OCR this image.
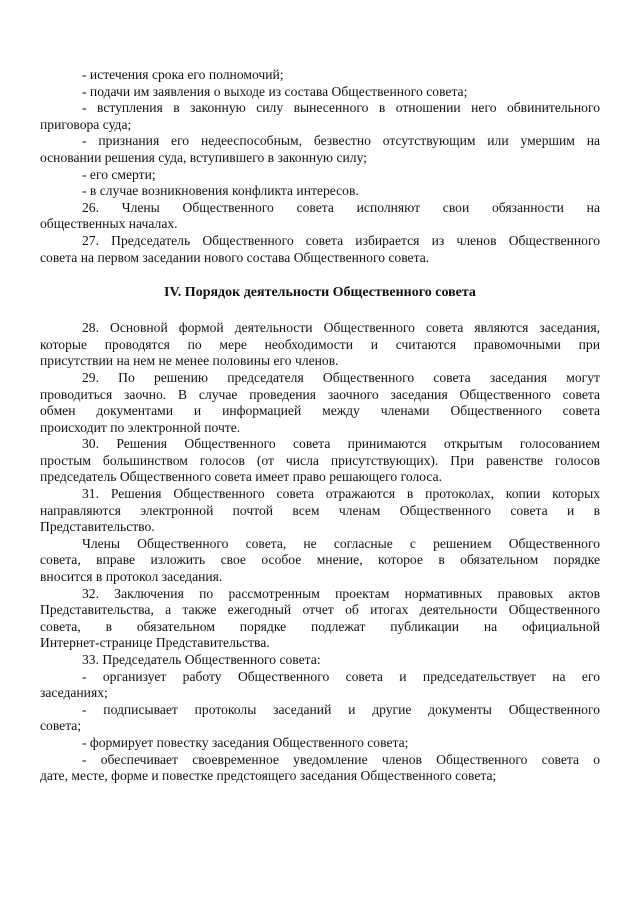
- истечения срока его полномочий;

- подачи им заявления о выходе из состава Общественного совета;

- вступления в законную силу вынесенного в отношении него обвинительного

приговора суда;

- признания его недееспособным, безвестно отсутствующим или умершим на

основании решения суда, вступившего в законную силу;

- его смерти;

- в случае возникновения конфликта интересов.

26. Члены Общественного совета исполняют свои обязанности на

общественных началах.

27. Председатель Общественного совета избирается из членов Общественного

совета на первом заседании нового состава Общественного совета.

IV. Порядок деятельности Общественного совета

28. Основной формой деятельности Общественного совета являются заседания,

которые проводятся по мере необходимости и считаются правомочными при

присутствии на нем не менее половины его членов.

29. По решению председателя Общественного совета заседания могут

проводиться заочно. В случае проведения заочного заседания Общественного совета

обмен документами и информацией между членами Общественного совета

происходит по электронной почте.

30. Решения Общественного совета принимаются открытым голосованием

простым большинством голосов (от числа присутствующих). При равенстве голосов

председатель Общественного совета имеет право решающего голоса.

31. Решения Общественного совета отражаются в протоколах, копии которых

направляются электронной почтой всем членам Общественного совета и в

Представительство.

Члены Общественного совета, не согласные с решением Общественного

совета, вправе изложить свое особое мнение, которое в обязательном порядке

вносится в протокол заседания.

32. Заключения по рассмотренным проектам нормативных правовых актов

Представительства, а также ежегодный отчет об итогах деятельности Общественного

совета, в обязательном порядке подлежат публикации на официальной

Интернет-странице Представительства.

33. Председатель Общественного совета:

- организует работу Общественного совета и председательствует на его

заседаниях;

- подписывает протоколы заседаний и другие документы Общественного

совета;

- формирует повестку заседания Общественного совета;

- обеспечивает своевременное уведомление членов Общественного совета о

дате, месте, форме и повестке предстоящего заседания Общественного совета;
